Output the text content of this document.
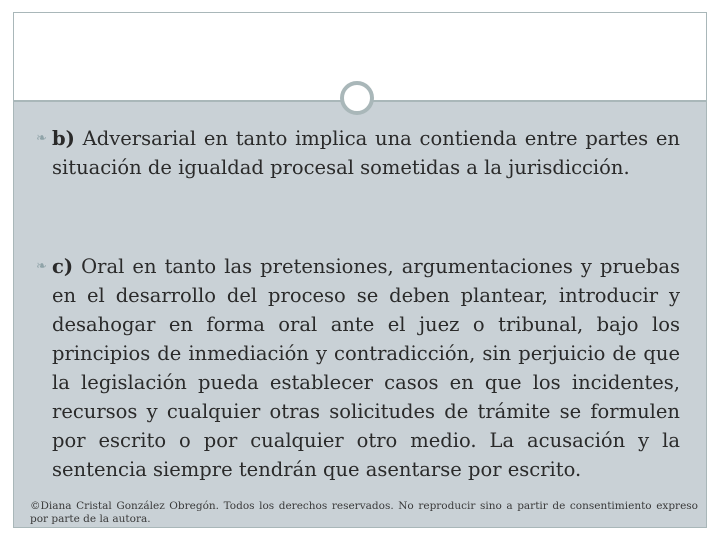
❧ b) Adversarial en tanto implica una contienda entre partes en situación de igualdad procesal sometidas a la jurisdicción.
❧ c) Oral en tanto las pretensiones, argumentaciones y pruebas en el desarrollo del proceso se deben plantear, introducir y desahogar en forma oral ante el juez o tribunal, bajo los principios de inmediación y contradicción, sin perjuicio de que la legislación pueda establecer casos en que los incidentes, recursos y cualquier otras solicitudes de trámite se formulen por escrito o por cualquier otro medio. La acusación y la sentencia siempre tendrán que asentarse por escrito.
©Diana Cristal González Obregón. Todos los derechos reservados. No reproducir sino a partir de consentimiento expreso por parte de la autora.
